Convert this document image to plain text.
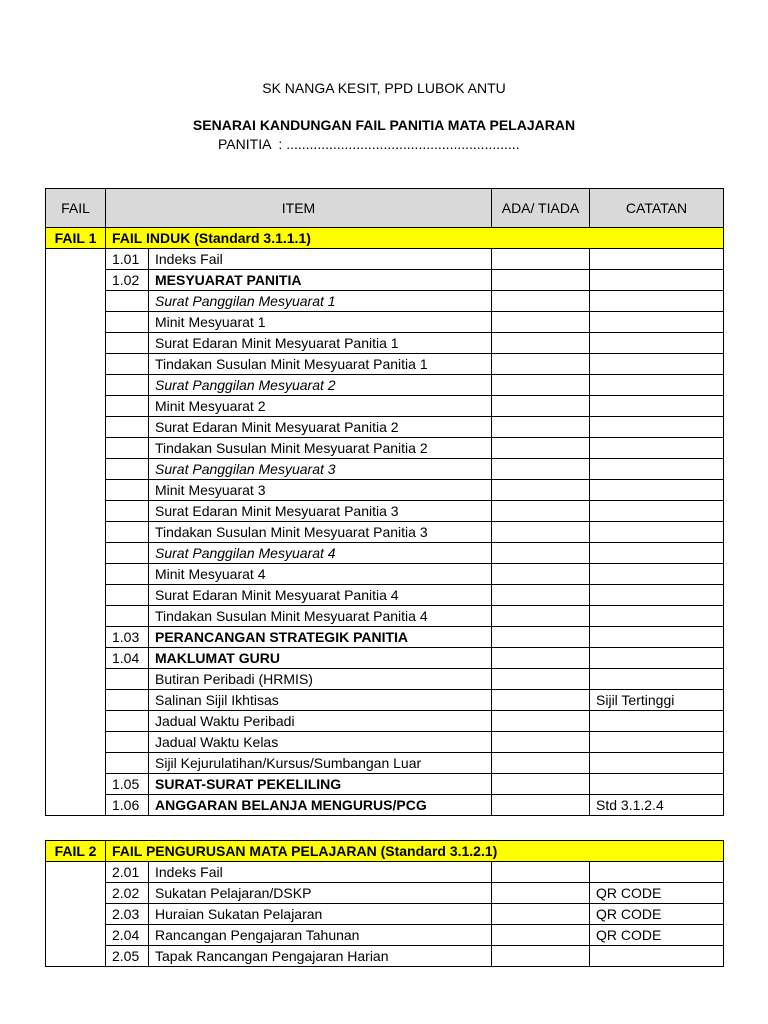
SK NANGA KESIT, PPD LUBOK ANTU
SENARAI KANDUNGAN FAIL PANITIA MATA PELAJARAN
PANITIA  : ............................................................
FAIL	ITEM		ADA/ TIADA	CATATAN
FAIL 1	FAIL INDUK (Standard 3.1.1.1)			
	1.01	Indeks Fail		
	1.02	MESYUARAT PANITIA		
		Surat Panggilan Mesyuarat 1		
		Minit Mesyuarat 1		
		Surat Edaran Minit Mesyuarat Panitia 1		
		Tindakan Susulan Minit Mesyuarat Panitia 1		
		Surat Panggilan Mesyuarat 2		
		Minit Mesyuarat 2		
		Surat Edaran Minit Mesyuarat Panitia 2		
		Tindakan Susulan Minit Mesyuarat Panitia 2		
		Surat Panggilan Mesyuarat 3		
		Minit Mesyuarat 3		
		Surat Edaran Minit Mesyuarat Panitia 3		
		Tindakan Susulan Minit Mesyuarat Panitia 3		
		Surat Panggilan Mesyuarat 4		
		Minit Mesyuarat 4		
		Surat Edaran Minit Mesyuarat Panitia 4		
		Tindakan Susulan Minit Mesyuarat Panitia 4		
	1.03	PERANCANGAN STRATEGIK PANITIA		
	1.04	MAKLUMAT GURU		
		Butiran Peribadi (HRMIS)		
		Salinan Sijil Ikhtisas		Sijil Tertinggi
		Jadual Waktu Peribadi		
		Jadual Waktu Kelas		
		Sijil Kejurulatihan/Kursus/Sumbangan Luar		
	1.05	SURAT-SURAT PEKELILING		
	1.06	ANGGARAN BELANJA MENGURUS/PCG		Std 3.1.2.4
FAIL 2	FAIL PENGURUSAN MATA PELAJARAN (Standard 3.1.2.1)			
	2.01	Indeks Fail		
	2.02	Sukatan Pelajaran/DSKP		QR CODE
	2.03	Huraian Sukatan Pelajaran		QR CODE
	2.04	Rancangan Pengajaran Tahunan		QR CODE
	2.05	Tapak Rancangan Pengajaran Harian		
